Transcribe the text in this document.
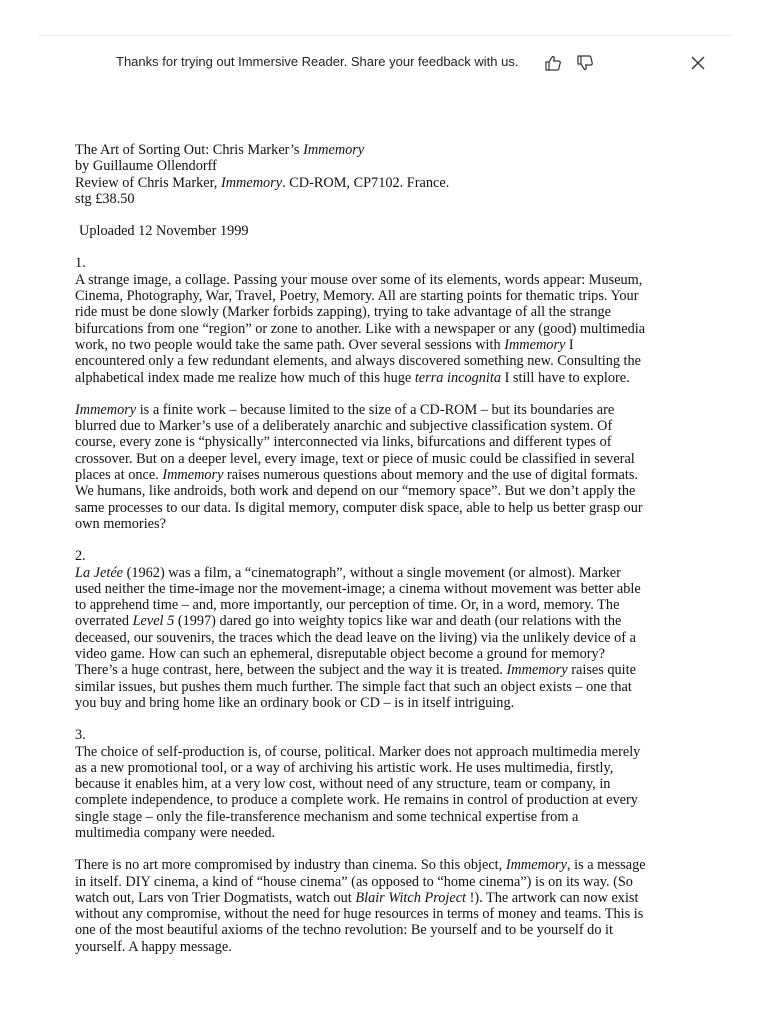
Thanks for trying out Immersive Reader. Share your feedback with us.

The Art of Sorting Out: Chris Marker’s Immemory

by Guillaume Ollendorff

Review of Chris Marker, Immemory. CD-ROM, CP7102. France.

stg £38.50

Uploaded 12 November 1999

1.

A strange image, a collage. Passing your mouse over some of its elements, words appear: Museum,
Cinema, Photography, War, Travel, Poetry, Memory. All are starting points for thematic trips. Your
ride must be done slowly (Marker forbids zapping), trying to take advantage of all the strange
bifurcations from one “region” or zone to another. Like with a newspaper or any (good) multimedia
work, no two people would take the same path. Over several sessions with Immemory I
encountered only a few redundant elements, and always discovered something new. Consulting the
alphabetical index made me realize how much of this huge terra incognita I still have to explore.

Immemory is a finite work – because limited to the size of a CD-ROM – but its boundaries are
blurred due to Marker’s use of a deliberately anarchic and subjective classification system. Of
course, every zone is “physically” interconnected via links, bifurcations and different types of
crossover. But on a deeper level, every image, text or piece of music could be classified in several
places at once. Immemory raises numerous questions about memory and the use of digital formats.
We humans, like androids, both work and depend on our “memory space”. But we don’t apply the
same processes to our data. Is digital memory, computer disk space, able to help us better grasp our
own memories?

2.

La Jetée (1962) was a film, a “cinematograph”, without a single movement (or almost). Marker
used neither the time-image nor the movement-image; a cinema without movement was better able
to apprehend time – and, more importantly, our perception of time. Or, in a word, memory. The
overrated Level 5 (1997) dared go into weighty topics like war and death (our relations with the
deceased, our souvenirs, the traces which the dead leave on the living) via the unlikely device of a
video game. How can such an ephemeral, disreputable object become a ground for memory?
There’s a huge contrast, here, between the subject and the way it is treated. Immemory raises quite
similar issues, but pushes them much further. The simple fact that such an object exists – one that
you buy and bring home like an ordinary book or CD – is in itself intriguing.

3.

The choice of self-production is, of course, political. Marker does not approach multimedia merely
as a new promotional tool, or a way of archiving his artistic work. He uses multimedia, firstly,
because it enables him, at a very low cost, without need of any structure, team or company, in
complete independence, to produce a complete work. He remains in control of production at every
single stage – only the file-transference mechanism and some technical expertise from a
multimedia company were needed.

There is no art more compromised by industry than cinema. So this object, Immemory, is a message
in itself. DIY cinema, a kind of “house cinema” (as opposed to “home cinema”) is on its way. (So
watch out, Lars von Trier Dogmatists, watch out Blair Witch Project !). The artwork can now exist
without any compromise, without the need for huge resources in terms of money and teams. This is
one of the most beautiful axioms of the techno revolution: Be yourself and to be yourself do it
yourself. A happy message.
